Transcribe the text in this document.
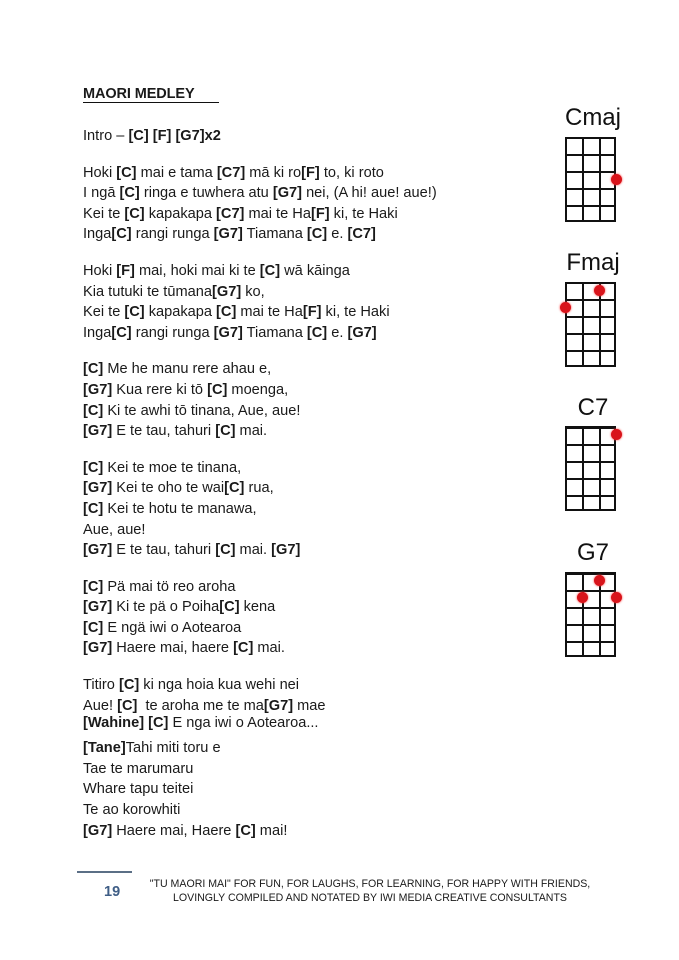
MAORI MEDLEY
Intro – [C] [F] [G7]x2
Hoki [C] mai e tama [C7] mā ki ro[F] to, ki roto
I ngā [C] ringa e tuwhera atu [G7] nei, (A hi! aue! aue!)
Kei te [C] kapakapa [C7] mai te Ha[F] ki, te Haki
Inga[C] rangi runga [G7] Tiamana [C] e. [C7]
Hoki [F] mai, hoki mai ki te [C] wā kāinga
Kia tutuki te tūmana[G7] ko,
Kei te [C] kapakapa [C] mai te Ha[F] ki, te Haki
Inga[C] rangi runga [G7] Tiamana [C] e. [G7]
[C] Me he manu rere ahau e,
[G7] Kua rere ki tō [C] moenga,
[C] Ki te awhi tō tinana, Aue, aue!
[G7] E te tau, tahuri [C] mai.
[C] Kei te moe te tinana,
[G7] Kei te oho te wai[C] rua,
[C] Kei te hotu te manawa,
Aue, aue!
[G7] E te tau, tahuri [C] mai. [G7]
[C] Pä mai tö reo aroha
[G7] Ki te pä o Poiha[C] kena
[C] E ngä iwi o Aotearoa
[G7] Haere mai, haere [C] mai.
Titiro [C] ki nga hoia kua wehi nei
Aue! [C]  te aroha me te ma[G7] mae
[Wahine] [C] E nga iwi o Aotearoa...
[Tane]Tahi miti toru e
Tae te marumaru
Whare tapu teitei
Te ao korowhiti
[G7] Haere mai, Haere [C] mai!
Cmaj
Fmaj
C7
G7
19	"TU MAORI MAI" FOR FUN, FOR LAUGHS, FOR LEARNING, FOR HAPPY WITH FRIENDS,
LOVINGLY COMPILED AND NOTATED BY IWI MEDIA CREATIVE CONSULTANTS
